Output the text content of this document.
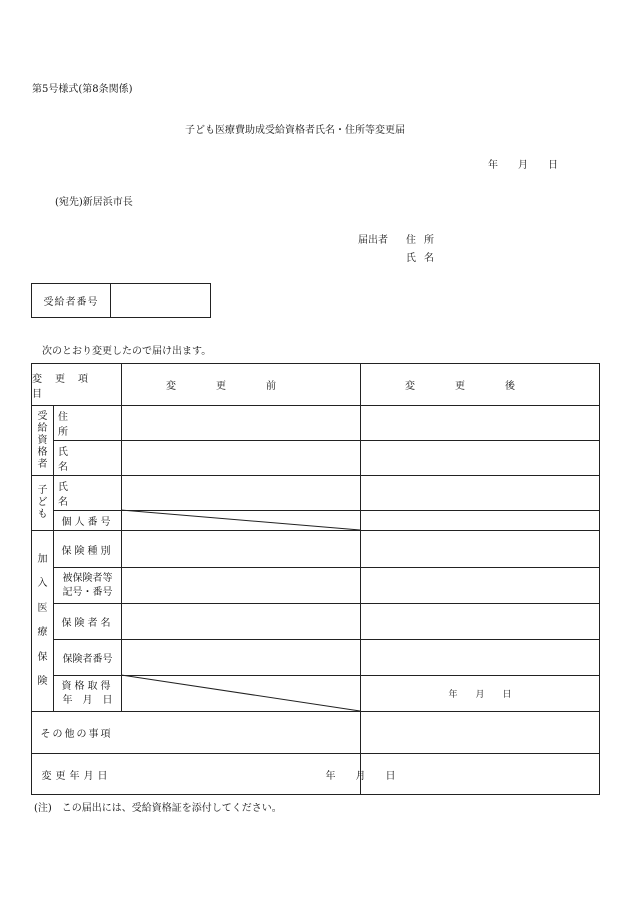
第5号様式(第8条関係)
子ども医療費助成受給資格者氏名・住所等変更届
年　　月　　日
(宛先)新居浜市長
届出者 住所
氏名
受給者番号
次のとおり変更したので届け出ます。
変更項目
変更前	変更後
受
給
資
格
者
子
ど
も
加
入
医
療
保
険
住所
氏名
氏名
個人番号
保険種別
被保険者等
記号・番号
保険者名
保険者番号
資格取得
年　月　日
その他の事項
変更年月日
年　　月　　日
年　　月　　日
(注)　この届出には、受給資格証を添付してください。
